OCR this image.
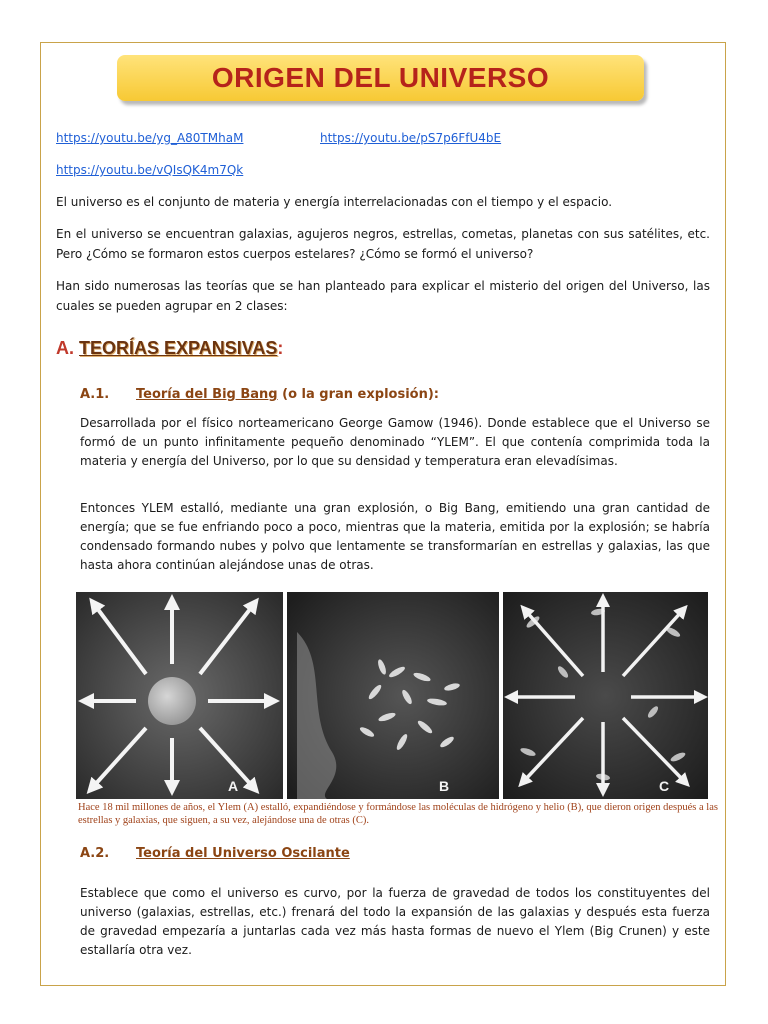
ORIGEN DEL UNIVERSO
https://youtu.be/yg_A80TMhaM	https://youtu.be/pS7p6FfU4bE
https://youtu.be/vQIsQK4m7Qk

El universo es el conjunto de materia y energía interrelacionadas con el tiempo y el espacio.

En el universo se encuentran galaxias, agujeros negros, estrellas, cometas, planetas con sus satélites, etc. Pero ¿Cómo se formaron estos cuerpos estelares? ¿Cómo se formó el universo?

Han sido numerosas las teorías que se han planteado para explicar el misterio del origen del Universo, las cuales se pueden agrupar en 2 clases:

A. TEORÍAS EXPANSIVAS:
A.1. Teoría del Big Bang (o la gran explosión):

Desarrollada por el físico norteamericano George Gamow (1946). Donde establece que el Universo se formó de un punto infinitamente pequeño denominado “YLEM”. El que contenía comprimida toda la materia y energía del Universo, por lo que su densidad y temperatura eran elevadísimas.

Entonces YLEM estalló, mediante una gran explosión, o Big Bang, emitiendo una gran cantidad de energía; que se fue enfriando poco a poco, mientras que la materia, emitida por la explosión; se habría condensado formando nubes y polvo que lentamente se transformarían en estrellas y galaxias, las que hasta ahora continúan alejándose unas de otras.

A	B	C

Hace 18 mil millones de años, el Ylem (A) estalló, expandiéndose y formándose las moléculas de hidrógeno y helio (B), que dieron origen después a las estrellas y galaxias, que siguen, a su vez, alejándose una de otras (C).

A.2. Teoría del Universo Oscilante

Establece que como el universo es curvo, por la fuerza de gravedad de todos los constituyentes del universo (galaxias, estrellas, etc.) frenará del todo la expansión de las galaxias y después esta fuerza de gravedad empezaría a juntarlas cada vez más hasta formas de nuevo el Ylem (Big Crunen) y este estallaría otra vez.
